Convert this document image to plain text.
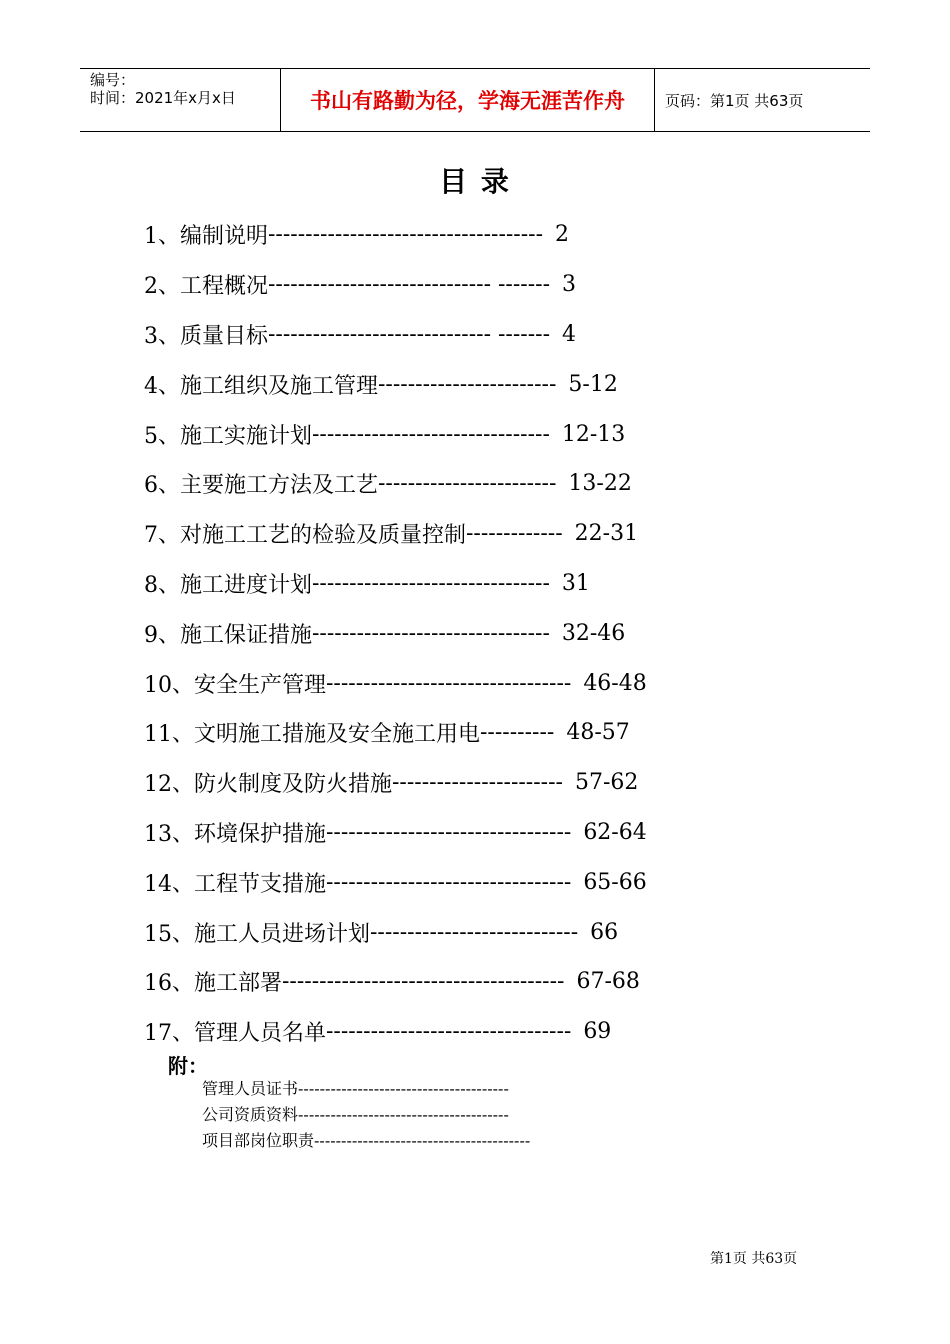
编号：
时间：2021年x月x日	书山有路勤为径，学海无涯苦作舟	页码：第1页 共63页
目 录
1、编制说明 ------------------------------------- 2
2、工程概况 ------------------------------ ------- 3
3、质量目标 ------------------------------ ------- 4
4、施工组织及施工管理 ------------------------ 5-12
5、施工实施计划 -------------------------------- 12-13
6、主要施工方法及工艺 ------------------------ 13-22
7、对施工工艺的检验及质量控制 ------------- 22-31
8、施工进度计划 -------------------------------- 31
9、施工保证措施 -------------------------------- 32-46
10、安全生产管理 --------------------------------- 46-48
11、文明施工措施及安全施工用电 ---------- 48-57
12、防火制度及防火措施 ----------------------- 57-62
13、环境保护措施 --------------------------------- 62-64
14、工程节支措施 --------------------------------- 65-66
15、施工人员进场计划 ---------------------------- 66
16、施工部署 -------------------------------------- 67-68
17、管理人员名单 --------------------------------- 69
附：
管理人员证书---------------------------------------
公司资质资料---------------------------------------
项目部岗位职责----------------------------------------
第1页 共63页
